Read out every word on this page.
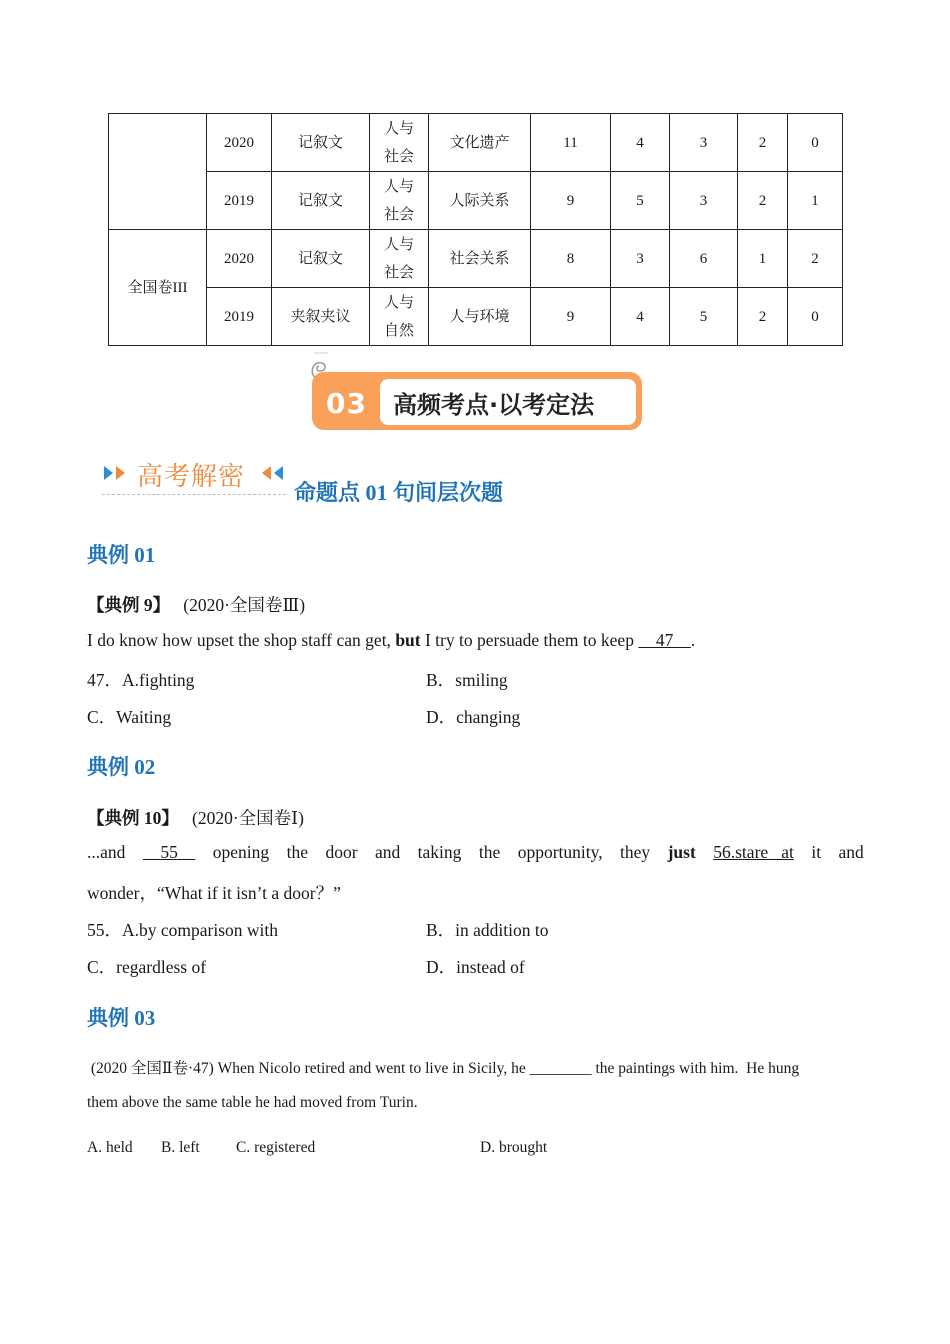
	2020	记叙文	人与
社会	文化遗产	11	4	3	2	0
	2019	记叙文	人与
社会	人际关系	9	5	3	2	1
全国卷III	2020	记叙文	人与
社会	社会关系	8	3	6	1	2
	2019	夹叙夹议	人与
自然	人与环境	9	4	5	2	0
03 高频考点·以考定法
高考解密
命题点 01 句间层次题
典例 01
【典例 9】 (2020·全国卷Ⅲ)
I do know how upset the shop staff can get, but I try to persuade them to keep     47    .
47．A.fighting	B．smiling
C．Waiting	D．changing
典例 02
【典例 10】 (2020·全国卷Ⅰ)
...and	55	opening the door and taking the opportunity, they just 56.stare   at it and
wonder，“What if it isn’t a door？”
55．A.by comparison with	B．in addition to
C．regardless of	D．instead of
典例 03
(2020 全国Ⅱ卷·47) When Nicolo retired and went to live in Sicily, he ________ the paintings with him.  He hung
them above the same table he had moved from Turin.
A. held B. left C. registered	D. brought
